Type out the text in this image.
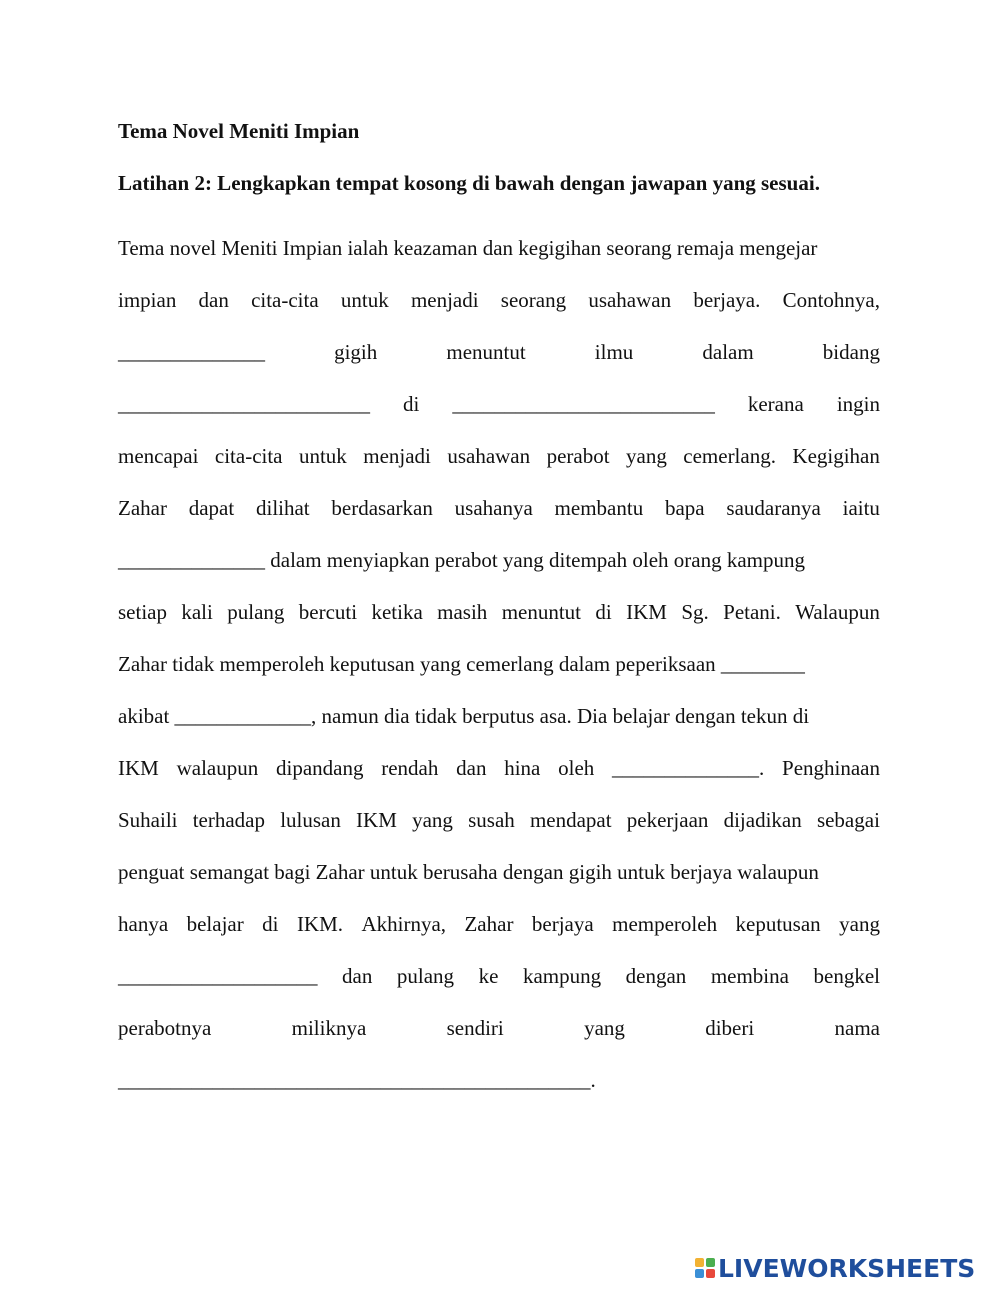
Tema Novel Meniti Impian

Latihan 2: Lengkapkan tempat kosong di bawah dengan jawapan yang sesuai.

Tema novel Meniti Impian ialah keazaman dan kegigihan seorang remaja mengejar
impian dan cita-cita untuk menjadi seorang usahawan berjaya. Contohnya,
______________	gigih	menuntut	ilmu	dalam	bidang
________________________ di _________________________ kerana ingin
mencapai cita-cita untuk menjadi usahawan perabot yang cemerlang. Kegigihan
Zahar dapat dilihat berdasarkan usahanya membantu bapa saudaranya iaitu
______________ dalam menyiapkan perabot yang ditempah oleh orang kampung
setiap kali pulang bercuti ketika masih menuntut di IKM Sg. Petani. Walaupun
Zahar tidak memperoleh keputusan yang cemerlang dalam peperiksaan ________
akibat _____________, namun dia tidak berputus asa. Dia belajar dengan tekun di
IKM walaupun dipandang rendah dan hina oleh ______________. Penghinaan
Suhaili terhadap lulusan IKM yang susah mendapat pekerjaan dijadikan sebagai
penguat semangat bagi Zahar untuk berusaha dengan gigih untuk berjaya walaupun
hanya belajar di IKM. Akhirnya, Zahar berjaya memperoleh keputusan yang
___________________ dan pulang ke kampung dengan membina bengkel
perabotnya	miliknya	sendiri	yang	diberi	nama
_____________________________________________.
LIVEWORKSHEETS
